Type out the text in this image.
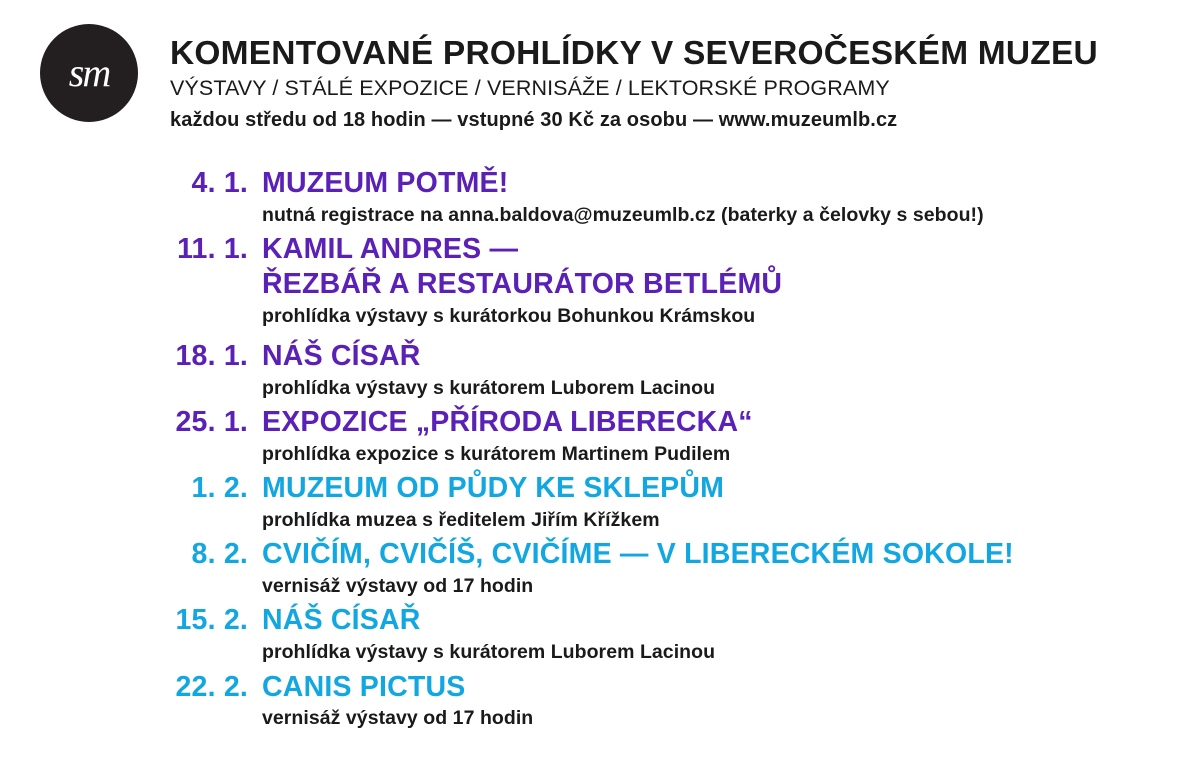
sm	KOMENTOVANÉ PROHLÍDKY V SEVEROČESKÉM MUZEU
VÝSTAVY / STÁLÉ EXPOZICE / VERNISÁŽE / LEKTORSKÉ PROGRAMY
každou středu od 18 hodin — vstupné 30 Kč za osobu — www.muzeumlb.cz
4. 1. MUZEUM POTMĚ!
nutná registrace na anna.baldova@muzeumlb.cz (baterky a čelovky s sebou!)
11. 1. KAMIL ANDRES —
ŘEZBÁŘ A RESTAURÁTOR BETLÉMŮ
prohlídka výstavy s kurátorkou Bohunkou Krámskou
18. 1. NÁŠ CÍSAŘ
prohlídka výstavy s kurátorem Luborem Lacinou
25. 1. EXPOZICE „PŘÍRODA LIBERECKA“
prohlídka expozice s kurátorem Martinem Pudilem
1. 2. MUZEUM OD PŮDY KE SKLEPŮM
prohlídka muzea s ředitelem Jiřím Křížkem
8. 2. CVIČÍM, CVIČÍŠ, CVIČÍME — V LIBERECKÉM SOKOLE!
vernisáž výstavy od 17 hodin
15. 2. NÁŠ CÍSAŘ
prohlídka výstavy s kurátorem Luborem Lacinou
22. 2. CANIS PICTUS
vernisáž výstavy od 17 hodin
